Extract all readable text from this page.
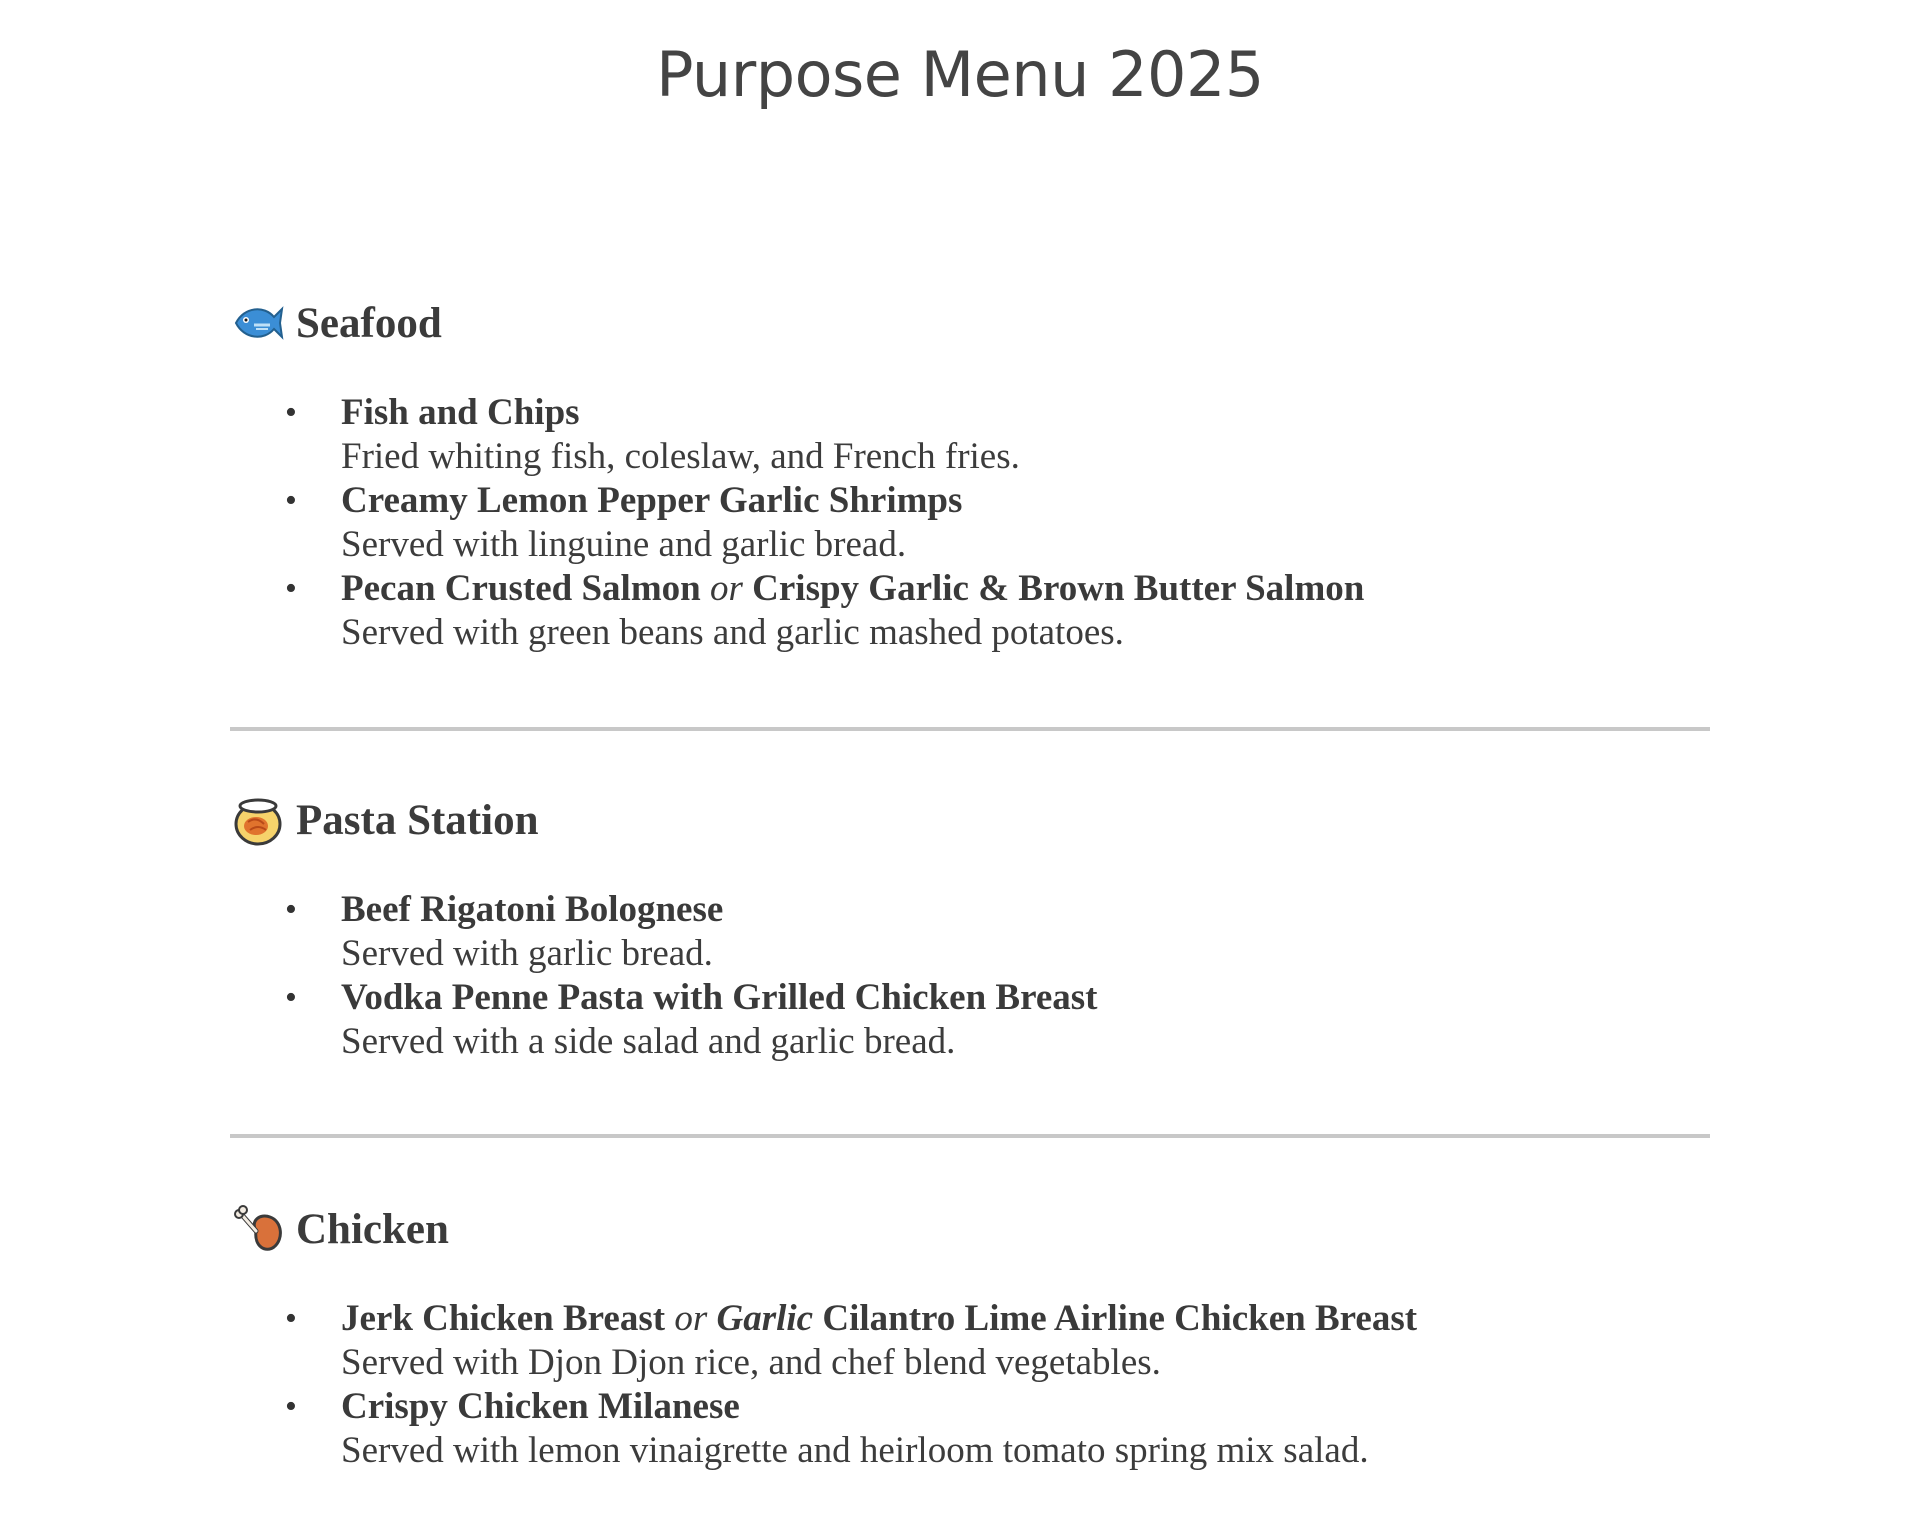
Purpose Menu 2025
Seafood
• Fish and Chips
Fried whiting fish, coleslaw, and French fries.
• Creamy Lemon Pepper Garlic Shrimps
Served with linguine and garlic bread.
• Pecan Crusted Salmon or Crispy Garlic & Brown Butter Salmon
Served with green beans and garlic mashed potatoes.
Pasta Station
• Beef Rigatoni Bolognese
Served with garlic bread.
• Vodka Penne Pasta with Grilled Chicken Breast
Served with a side salad and garlic bread.
Chicken
• Jerk Chicken Breast or Garlic Cilantro Lime Airline Chicken Breast
Served with Djon Djon rice, and chef blend vegetables.
• Crispy Chicken Milanese
Served with lemon vinaigrette and heirloom tomato spring mix salad.
